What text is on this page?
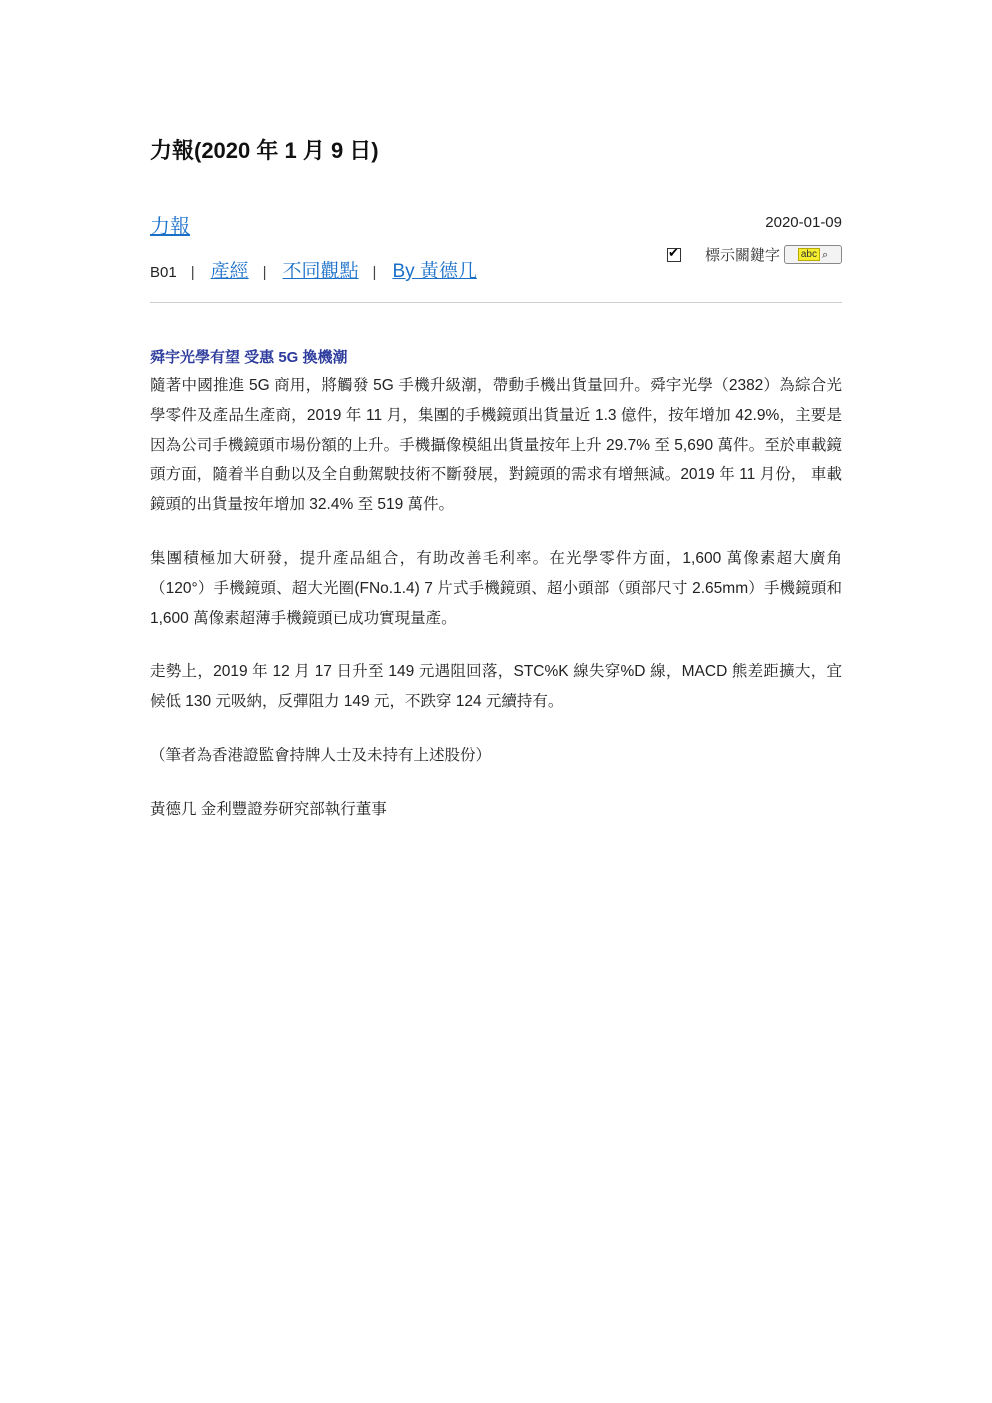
力報(2020 年 1 月 9 日)
力報	2020-01-09
B01 | 產經 | 不同觀點 | By 黃德几
✔ 標示關鍵字	abc ⌕
舜宇光學有望 受惠 5G 換機潮

隨著中國推進 5G 商用，將觸發 5G 手機升級潮，帶動手機出貨量回升。舜宇光學（2382）為綜合光學零件及產品生產商，2019 年 11 月，集團的手機鏡頭出貨量近 1.3 億件，按年增加 42.9%，主要是因為公司手機鏡頭市場份額的上升。手機攝像模組出貨量按年上升 29.7% 至 5,690 萬件。至於車載鏡頭方面，隨着半自動以及全自動駕駛技術不斷發展，對鏡頭的需求有增無減。2019 年 11 月份， 車載鏡頭的出貨量按年增加 32.4% 至 519 萬件。

集團積極加大研發，提升產品組合，有助改善毛利率。在光學零件方面，1,600 萬像素超大廣角（120°）手機鏡頭、超大光圈(FNo.1.4) 7 片式手機鏡頭、超小頭部（頭部尺寸 2.65mm）手機鏡頭和 1,600 萬像素超薄手機鏡頭已成功實現量產。

走勢上，2019 年 12 月 17 日升至 149 元遇阻回落，STC%K 線失穿%D 線，MACD 熊差距擴大，宜候低 130 元吸納，反彈阻力 149 元，不跌穿 124 元續持有。

（筆者為香港證監會持牌人士及未持有上述股份）

黃德几 金利豐證券研究部執行董事
